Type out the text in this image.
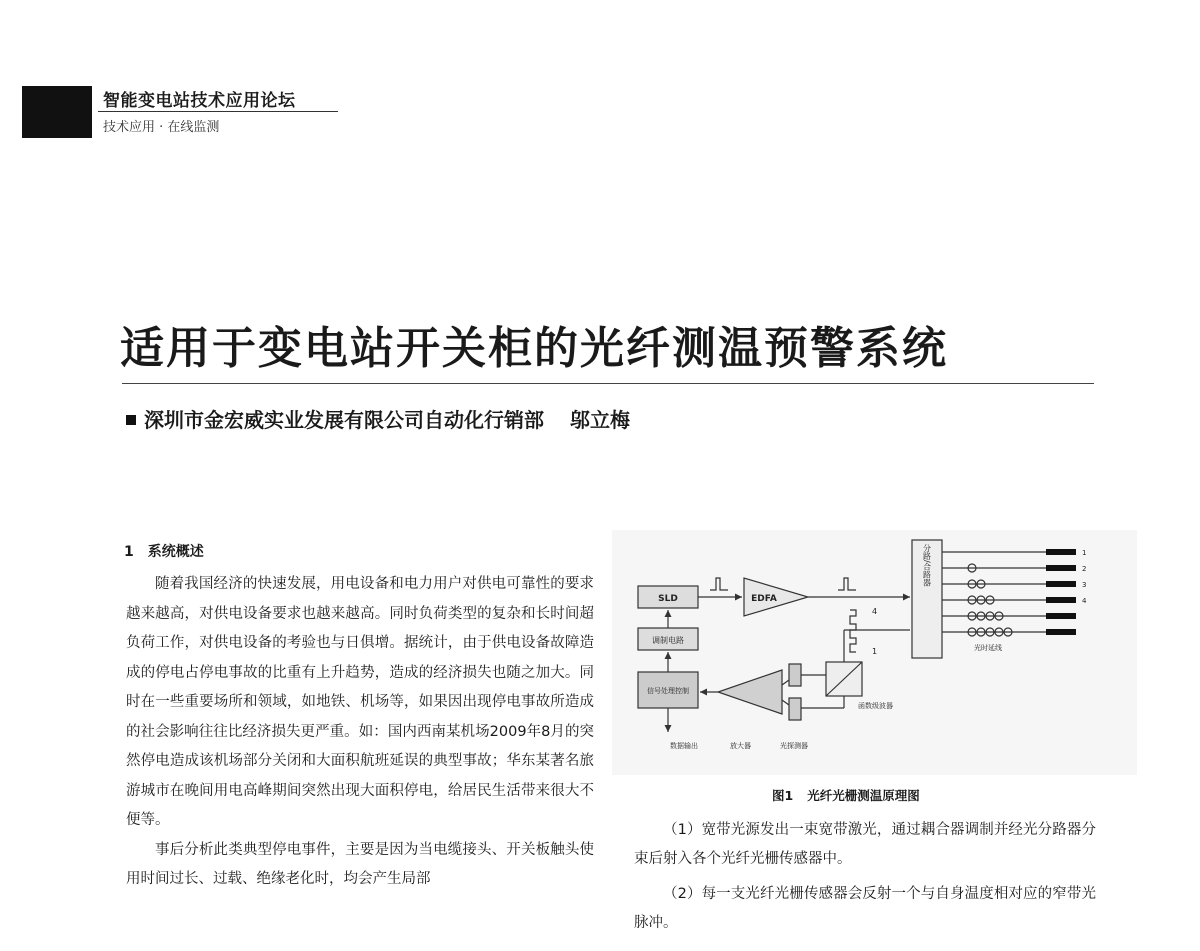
智能变电站技术应用论坛
技术应用 · 在线监测
适用于变电站开关柜的光纤测温预警系统
深圳市金宏威实业发展有限公司自动化行销部 邬立梅
1 系统概述

随着我国经济的快速发展，用电设备和电力用户对供电可靠性的要求越来越高，对供电设备要求也越来越高。同时负荷类型的复杂和长时间超负荷工作，对供电设备的考验也与日俱增。据统计，由于供电设备故障造成的停电占停电事故的比重有上升趋势，造成的经济损失也随之加大。同时在一些重要场所和领域，如地铁、机场等，如果因出现停电事故所造成的社会影响往往比经济损失更严重。如：国内西南某机场2009年8月的突然停电造成该机场部分关闭和大面积航班延误的典型事故；华东某著名旅游城市在晚间用电高峰期间突然出现大面积停电，给居民生活带来很大不便等。

事后分析此类典型停电事件，主要是因为当电缆接头、开关板触头使用时间过长、过载、绝缘老化时，均会产生局部

SLD	EDFA
调制电路
信号处理控制
1
2
3
4
4
1	光时延线
函数级波器
数据输出	放大器	光探测器
分路/合路器
图1 光纤光栅测温原理图

（1）宽带光源发出一束宽带激光，通过耦合器调制并经光分路器分束后射入各个光纤光栅传感器中。

（2）每一支光纤光栅传感器会反射一个与自身温度相对应的窄带光脉冲。
